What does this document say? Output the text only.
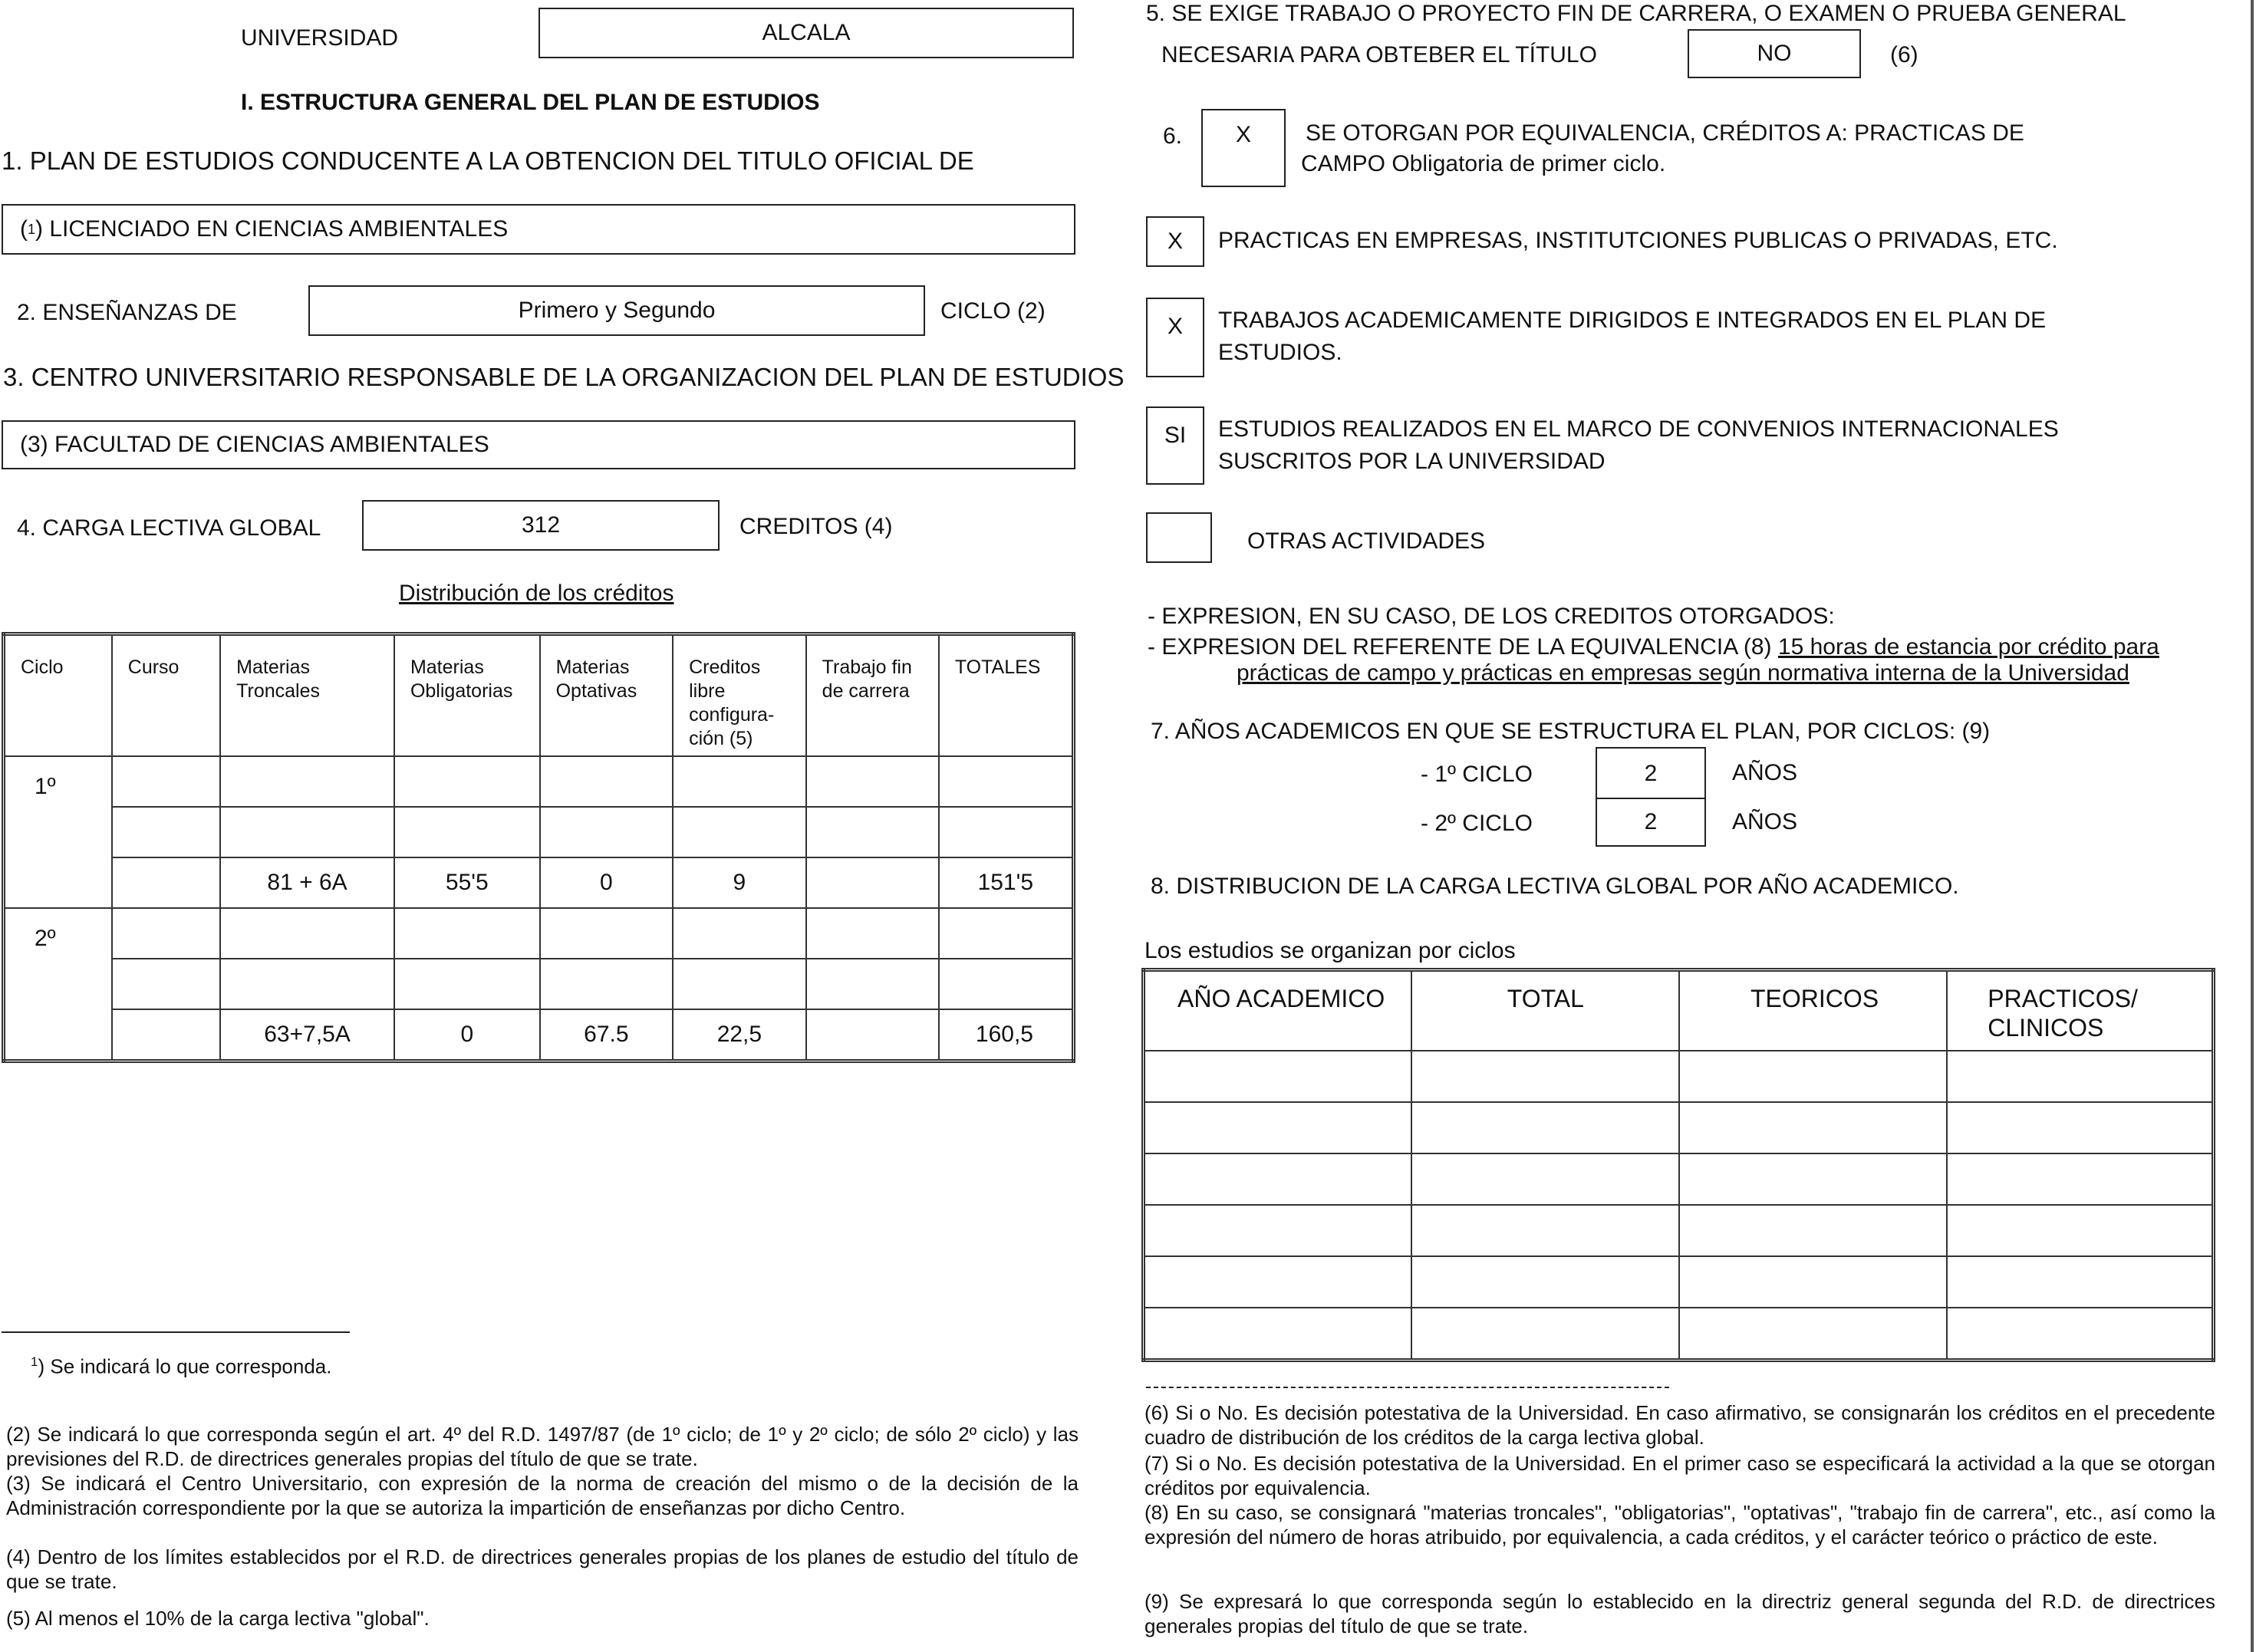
UNIVERSIDAD	ALCALA
I. ESTRUCTURA GENERAL DEL PLAN DE ESTUDIOS
1. PLAN DE ESTUDIOS CONDUCENTE A LA OBTENCION DEL TITULO OFICIAL DE
( 1 ) LICENCIADO EN CIENCIAS AMBIENTALES
2. ENSEÑANZAS DE	Primero y Segundo	CICLO (2)
3. CENTRO UNIVERSITARIO RESPONSABLE DE LA ORGANIZACION DEL PLAN DE ESTUDIOS
(3) FACULTAD DE CIENCIAS AMBIENTALES
4. CARGA LECTIVA GLOBAL	312	CREDITOS (4)
Distribución de los créditos
Ciclo	Curso	Materias Troncales	Materias Obligatorias	Materias Optativas	Creditos libre configura-ción (5)	Trabajo fin de carrera	TOTALES
1º							

		81 + 6A	55'5	0	9		151'5
2º							

		63+7,5A	0	67.5	22,5		160,5
$^1$) Se indicará lo que corresponda.
(2) Se indicará lo que corresponda según el art. 4º del R.D. 1497/87 (de 1º ciclo; de 1º y 2º ciclo; de sólo 2º ciclo) y las previsiones del R.D. de directrices generales propias del título de que se trate.
(3) Se indicará el Centro Universitario, con expresión de la norma de creación del mismo o de la decisión de la Administración correspondiente por la que se autoriza la impartición de enseñanzas por dicho Centro.
(4) Dentro de los límites establecidos por el R.D. de directrices generales propias de los planes de estudio del título de que se trate.
(5) Al menos el 10% de la carga lectiva "global".
5. SE EXIGE TRABAJO O PROYECTO FIN DE CARRERA, O EXAMEN O PRUEBA GENERAL
NECESARIA PARA OBTEBER EL TÍTULO	NO	(6)
6. X SE OTORGAN POR EQUIVALENCIA, CRÉDITOS A: PRACTICAS DE
CAMPO Obligatoria de primer ciclo.
X PRACTICAS EN EMPRESAS, INSTITUTCIONES PUBLICAS O PRIVADAS, ETC.
X TRABAJOS ACADEMICAMENTE DIRIGIDOS E INTEGRADOS EN EL PLAN DE
ESTUDIOS.
SI ESTUDIOS REALIZADOS EN EL MARCO DE CONVENIOS INTERNACIONALES
SUSCRITOS POR LA UNIVERSIDAD
OTRAS ACTIVIDADES
- EXPRESION, EN SU CASO, DE LOS CREDITOS OTORGADOS:
- EXPRESION DEL REFERENTE DE LA EQUIVALENCIA (8) 15 horas de estancia por crédito para
prácticas de campo y prácticas en empresas según normativa interna de la Universidad
7. AÑOS ACADEMICOS EN QUE SE ESTRUCTURA EL PLAN, POR CICLOS: (9)
- 1º CICLO	2	AÑOS
- 2º CICLO	2	AÑOS
8. DISTRIBUCION DE LA CARGA LECTIVA GLOBAL POR AÑO ACADEMICO.
Los estudios se organizan por ciclos
AÑO ACADEMICO	TOTAL	TEORICOS	PRACTICOS/ CLINICOS

(6) Si o No. Es decisión potestativa de la Universidad. En caso afirmativo, se consignarán los créditos en el precedente cuadro de distribución de los créditos de la carga lectiva global.
(7) Si o No. Es decisión potestativa de la Universidad. En el primer caso se especificará la actividad a la que se otorgan créditos por equivalencia.
(8) En su caso, se consignará "materias troncales", "obligatorias", "optativas", "trabajo fin de carrera", etc., así como la expresión del número de horas atribuido, por equivalencia, a cada créditos, y el carácter teórico o práctico de este.
(9) Se expresará lo que corresponda según lo establecido en la directriz general segunda del R.D. de directrices generales propias del título de que se trate.
